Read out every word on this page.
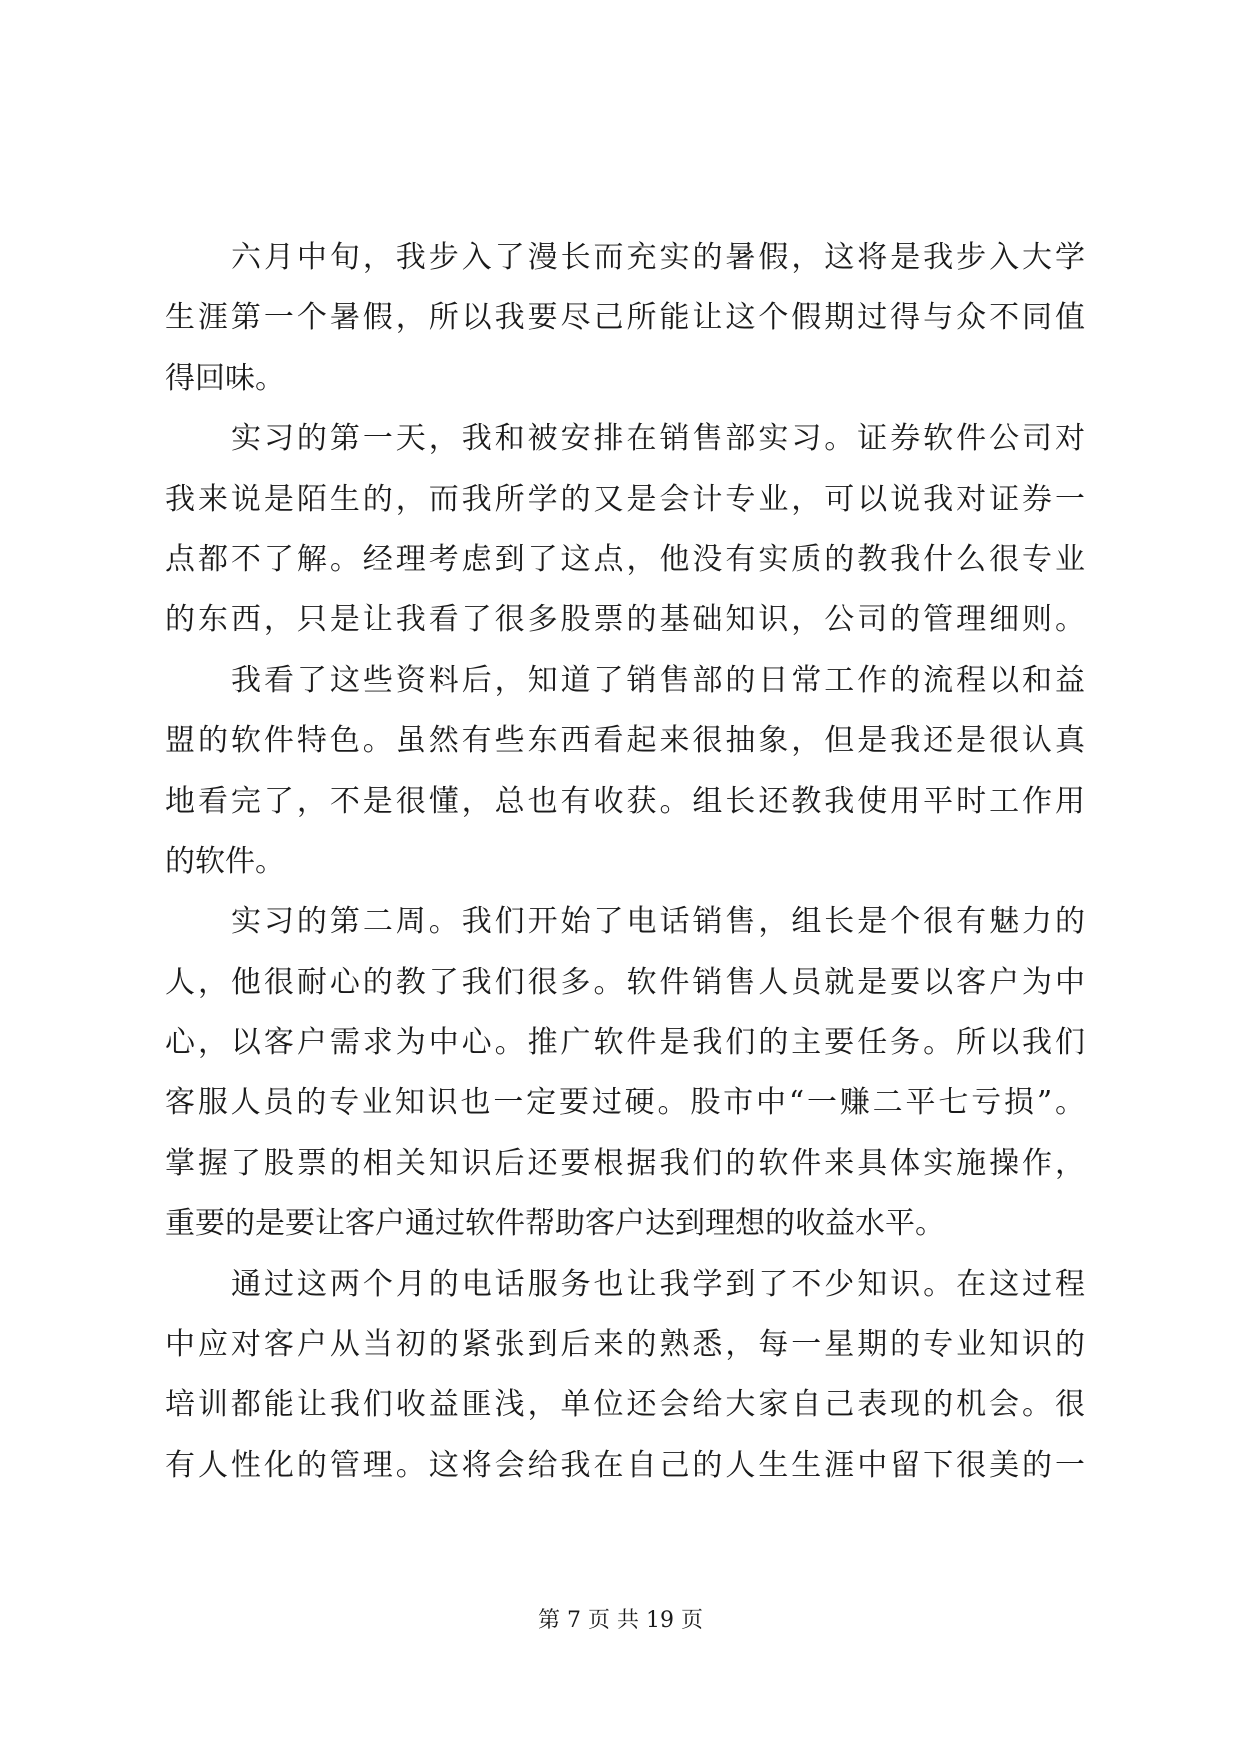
六月中旬，我步入了漫长而充实的暑假，这将是我步入大学
生涯第一个暑假，所以我要尽己所能让这个假期过得与众不同值
得回味。
实习的第一天，我和被安排在销售部实习。证券软件公司对
我来说是陌生的，而我所学的又是会计专业，可以说我对证券一
点都不了解。经理考虑到了这点，他没有实质的教我什么很专业
的东西，只是让我看了很多股票的基础知识，公司的管理细则。
我看了这些资料后，知道了销售部的日常工作的流程以和益
盟的软件特色。虽然有些东西看起来很抽象，但是我还是很认真
地看完了，不是很懂，总也有收获。组长还教我使用平时工作用
的软件。
实习的第二周。我们开始了电话销售，组长是个很有魅力的
人，他很耐心的教了我们很多。软件销售人员就是要以客户为中
心，以客户需求为中心。推广软件是我们的主要任务。所以我们
客服人员的专业知识也一定要过硬。股市中“一赚二平七亏损”。
掌握了股票的相关知识后还要根据我们的软件来具体实施操作，
重要的是要让客户通过软件帮助客户达到理想的收益水平。
通过这两个月的电话服务也让我学到了不少知识。在这过程
中应对客户从当初的紧张到后来的熟悉，每一星期的专业知识的
培训都能让我们收益匪浅，单位还会给大家自己表现的机会。很
有人性化的管理。这将会给我在自己的人生生涯中留下很美的一
第 7 页 共 19 页
